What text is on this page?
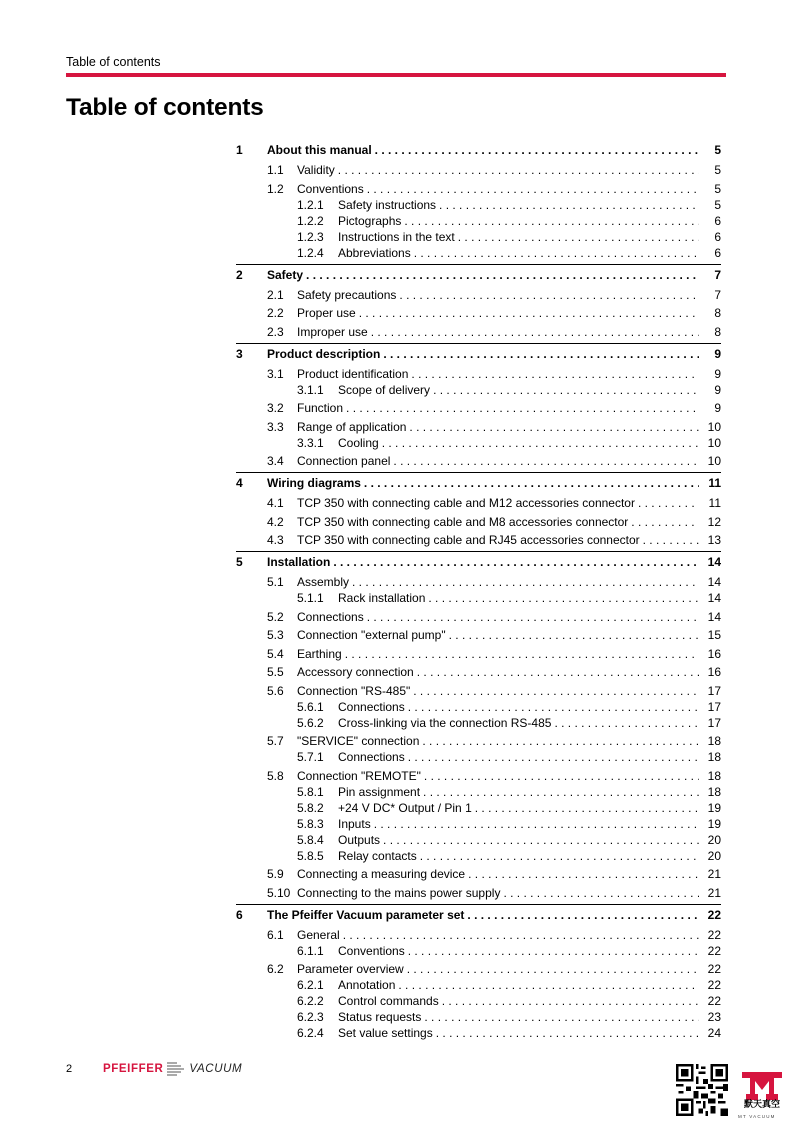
Table of contents
Table of contents
1 About this manual . . .	5
1.1 Validity . . .	5
1.2 Conventions . . .	5
1.2.1 Safety instructions . . .	5
1.2.2 Pictographs . . .	6
1.2.3 Instructions in the text . . .	6
1.2.4 Abbreviations . . .	6
2 Safety . . .	7
2.1 Safety precautions . . .	7
2.2 Proper use . . .	8
2.3 Improper use . . .	8
3 Product description . . .	9
3.1 Product identification . . .	9
3.1.1 Scope of delivery . . .	9
3.2 Function . . .	9
3.3 Range of application . . .	10
3.3.1 Cooling . . .	10
3.4 Connection panel . . .	10
4 Wiring diagrams . . .	11
4.1 TCP 350 with connecting cable and M12 accessories connector . . .	11
4.2 TCP 350 with connecting cable and M8 accessories connector . . .	12
4.3 TCP 350 with connecting cable and RJ45 accessories connector . . .	13
5 Installation . . .	14
5.1 Assembly . . .	14
5.1.1 Rack installation . . .	14
5.2 Connections . . .	14
5.3 Connection "external pump" . . .	15
5.4 Earthing . . .	16
5.5 Accessory connection . . .	16
5.6 Connection "RS-485" . . .	17
5.6.1 Connections . . .	17
5.6.2 Cross-linking via the connection RS-485 . . .	17
5.7 "SERVICE" connection . . .	18
5.7.1 Connections . . .	18
5.8 Connection "REMOTE" . . .	18
5.8.1 Pin assignment . . .	18
5.8.2 +24 V DC* Output / Pin 1 . . .	19
5.8.3 Inputs . . .	19
5.8.4 Outputs . . .	20
5.8.5 Relay contacts . . .	20
5.9 Connecting a measuring device . . .	21
5.10 Connecting to the mains power supply . . .	21
6 The Pfeiffer Vacuum parameter set . . .	22
6.1 General . . .	22
6.1.1 Conventions . . .	22
6.2 Parameter overview . . .	22
6.2.1 Annotation . . .	22
6.2.2 Control commands . . .	22
6.2.3 Status requests . . .	23
6.2.4 Set value settings . . .	24
2	PFEIFFER VACUUM
默天真空
MT VACUUM
